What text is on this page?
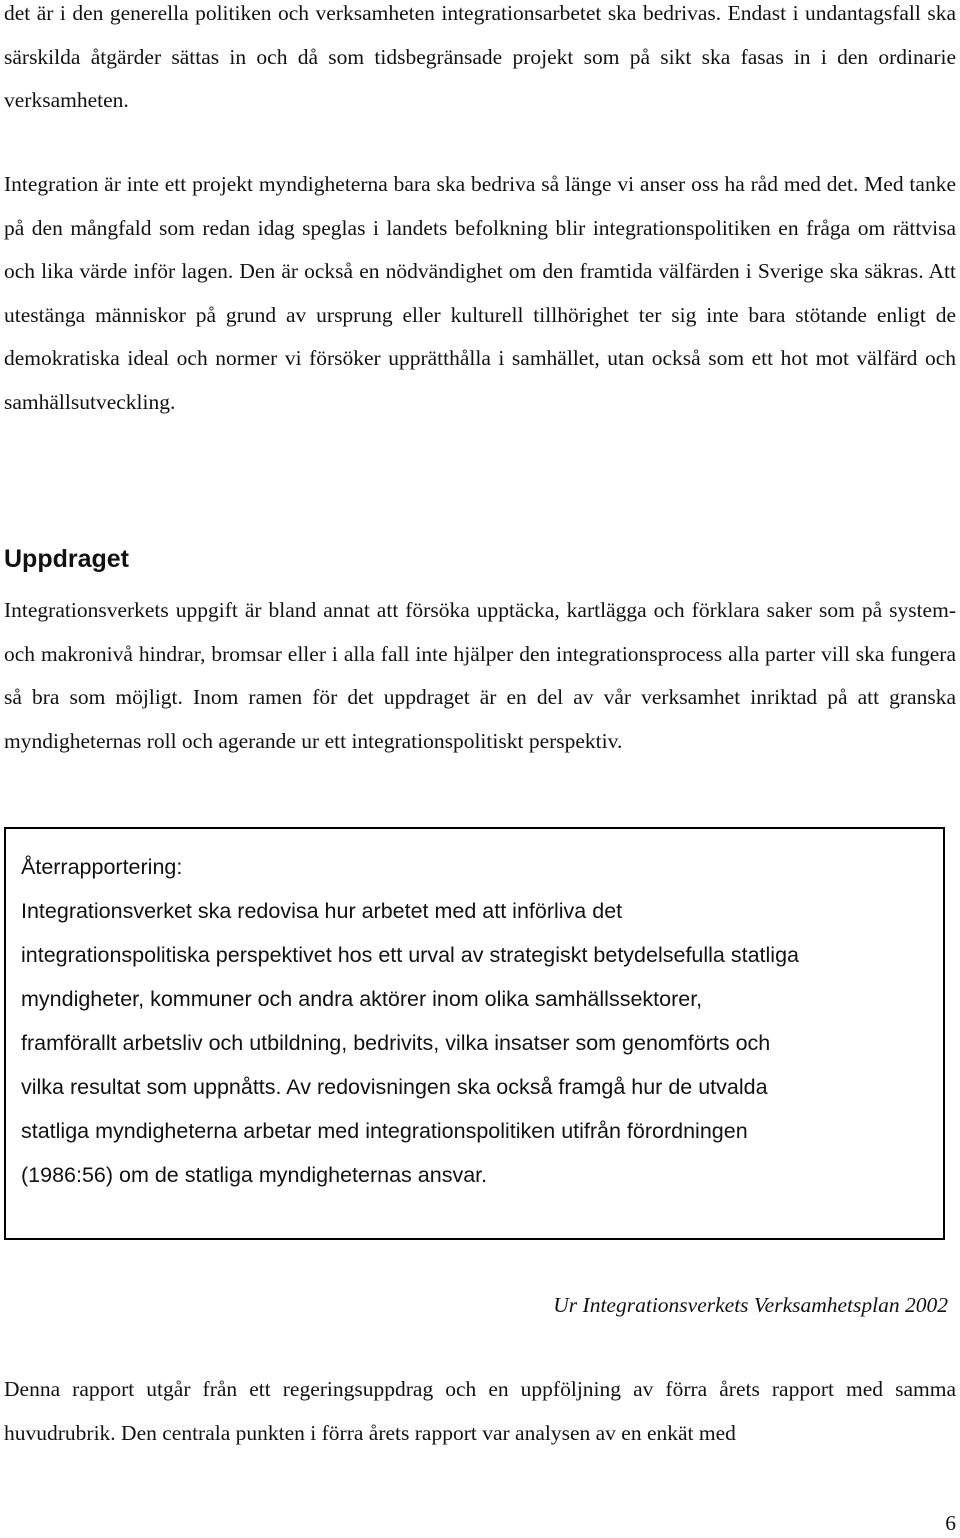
det är i den generella politiken och verksamheten integrationsarbetet ska bedrivas. Endast i undantagsfall ska särskilda åtgärder sättas in och då som tidsbegränsade projekt som på sikt ska fasas in i den ordinarie verksamheten.

Integration är inte ett projekt myndigheterna bara ska bedriva så länge vi anser oss ha råd med det. Med tanke på den mångfald som redan idag speglas i landets befolkning blir integrationspolitiken en fråga om rättvisa och lika värde inför lagen. Den är också en nödvändighet om den framtida välfärden i Sverige ska säkras. Att utestänga människor på grund av ursprung eller kulturell tillhörighet ter sig inte bara stötande enligt de demokratiska ideal och normer vi försöker upprätthålla i samhället, utan också som ett hot mot välfärd och samhällsutveckling.

Uppdraget

Integrationsverkets uppgift är bland annat att försöka upptäcka, kartlägga och förklara saker som på system- och makronivå hindrar, bromsar eller i alla fall inte hjälper den integrationsprocess alla parter vill ska fungera så bra som möjligt. Inom ramen för det uppdraget är en del av vår verksamhet inriktad på att granska myndigheternas roll och agerande ur ett integrationspolitiskt perspektiv.

Återrapportering:
Integrationsverket ska redovisa hur arbetet med att införliva det
integrationspolitiska perspektivet hos ett urval av strategiskt betydelsefulla statliga
myndigheter, kommuner och andra aktörer inom olika samhällssektorer,
framförallt arbetsliv och utbildning, bedrivits, vilka insatser som genomförts och
vilka resultat som uppnåtts. Av redovisningen ska också framgå hur de utvalda
statliga myndigheterna arbetar med integrationspolitiken utifrån förordningen
(1986:56) om de statliga myndigheternas ansvar.

Ur Integrationsverkets Verksamhetsplan 2002

Denna rapport utgår från ett regeringsuppdrag och en uppföljning av förra årets rapport med samma huvudrubrik. Den centrala punkten i förra årets rapport var analysen av en enkät med

6
